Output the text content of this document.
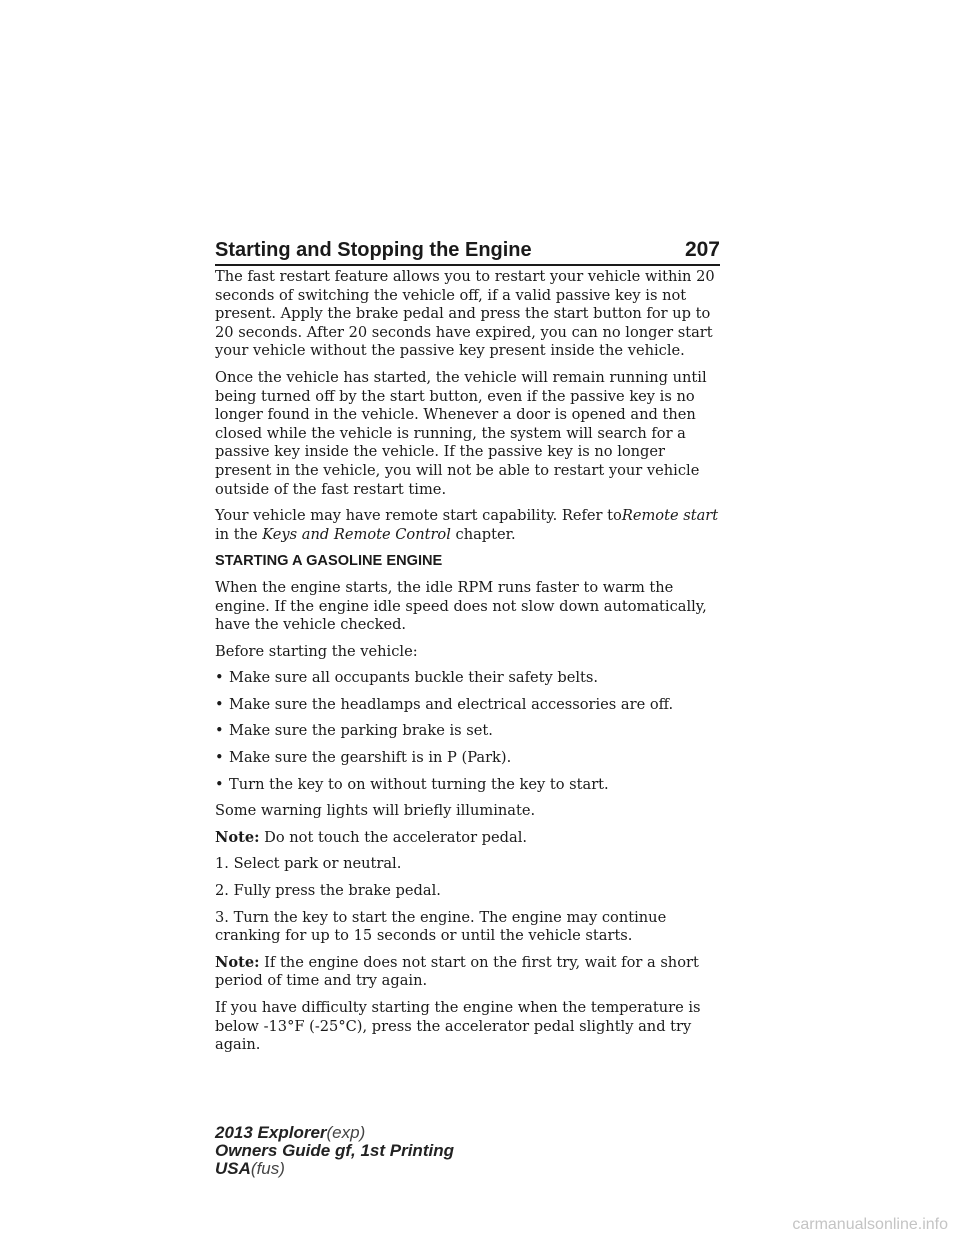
Starting and Stopping the Engine	207

The fast restart feature allows you to restart your vehicle within 20 seconds of switching the vehicle off, if a valid passive key is not present. Apply the brake pedal and press the start button for up to 20 seconds. After 20 seconds have expired, you can no longer start your vehicle without the passive key present inside the vehicle.

Once the vehicle has started, the vehicle will remain running until being turned off by the start button, even if the passive key is no longer found in the vehicle. Whenever a door is opened and then closed while the vehicle is running, the system will search for a passive key inside the vehicle. If the passive key is no longer present in the vehicle, you will not be able to restart your vehicle outside of the fast restart time.

Your vehicle may have remote start capability. Refer toRemote start in the Keys and Remote Control chapter.

STARTING A GASOLINE ENGINE

When the engine starts, the idle RPM runs faster to warm the engine. If the engine idle speed does not slow down automatically, have the vehicle checked.

Before starting the vehicle:

• Make sure all occupants buckle their safety belts.
• Make sure the headlamps and electrical accessories are off.
• Make sure the parking brake is set.
• Make sure the gearshift is in P (Park).
• Turn the key to on without turning the key to start.

Some warning lights will briefly illuminate.

Note: Do not touch the accelerator pedal.

1. Select park or neutral.

2. Fully press the brake pedal.

3. Turn the key to start the engine. The engine may continue cranking for up to 15 seconds or until the vehicle starts.

Note: If the engine does not start on the first try, wait for a short period of time and try again.

If you have difficulty starting the engine when the temperature is below -13°F (-25°C), press the accelerator pedal slightly and try again.

2013 Explorer(exp)
Owners Guide gf, 1st Printing
USA(fus)
carmanualsonline.info
